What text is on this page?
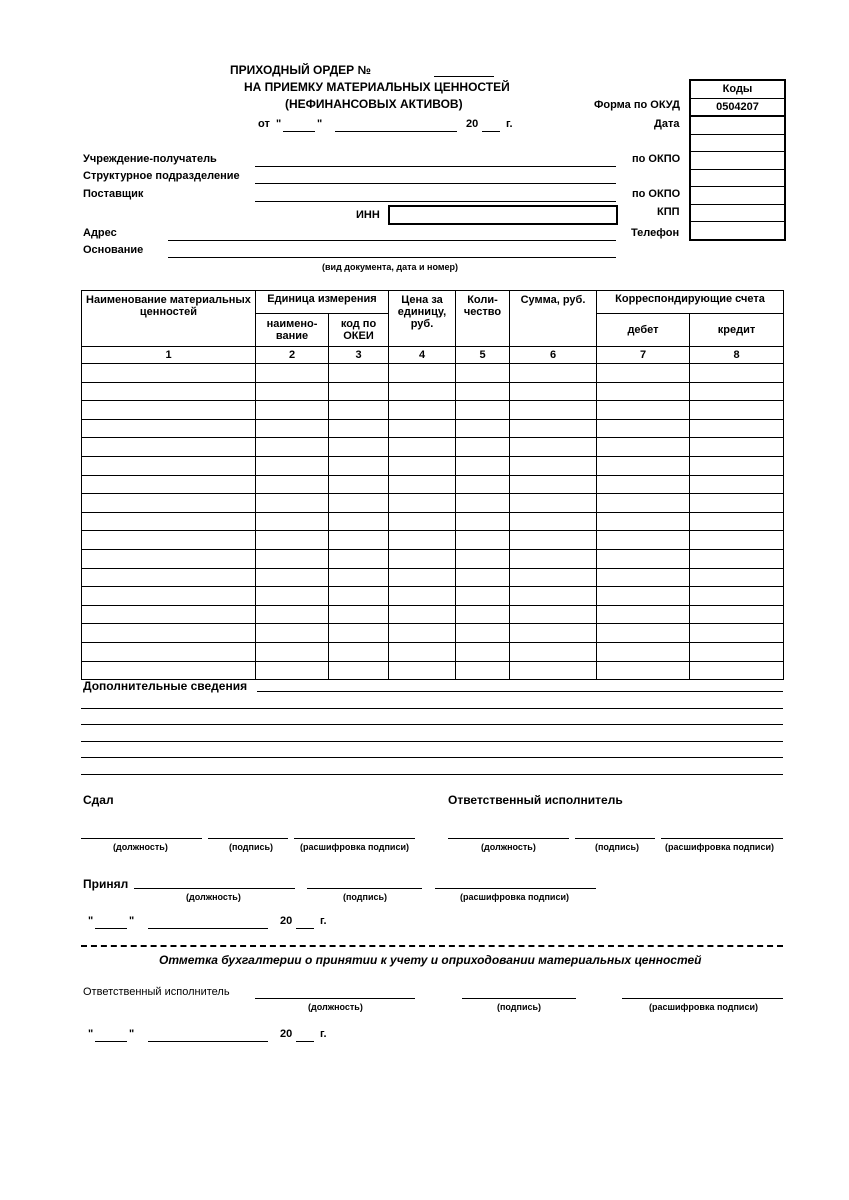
ПРИХОДНЫЙ ОРДЕР №
НА ПРИЕМКУ МАТЕРИАЛЬНЫХ ЦЕННОСТЕЙ
(НЕФИНАНСОВЫХ АКТИВОВ)
от "	"	20	г.
Коды
0504207
Форма по ОКУД
Дата
по ОКПО
по ОКПО
КПП
Телефон
Учреждение-получатель
Структурное подразделение
Поставщик
ИНН
Адрес
Основание
(вид документа, дата и номер)
Наименование материальных ценностей	Единица измерения		Цена за единицу, руб.	Коли-чество	Сумма, руб.	Корреспондирующие счета	
	наимено-вание	код по ОКЕИ				дебет	кредит
1	2	3	4	5	6	7	8

Дополнительные сведения
Сдал	Ответственный исполнитель
(должность)	(подпись)	(расшифровка подписи)	(должность)	(подпись)	(расшифровка подписи)
Принял
(должность)	(подпись)	(расшифровка подписи)
"	"	20	г.
Отметка бухгалтерии о принятии к учету и оприходовании материальных ценностей
Ответственный исполнитель
(должность)	(подпись)	(расшифровка подписи)
"	"	20	г.
